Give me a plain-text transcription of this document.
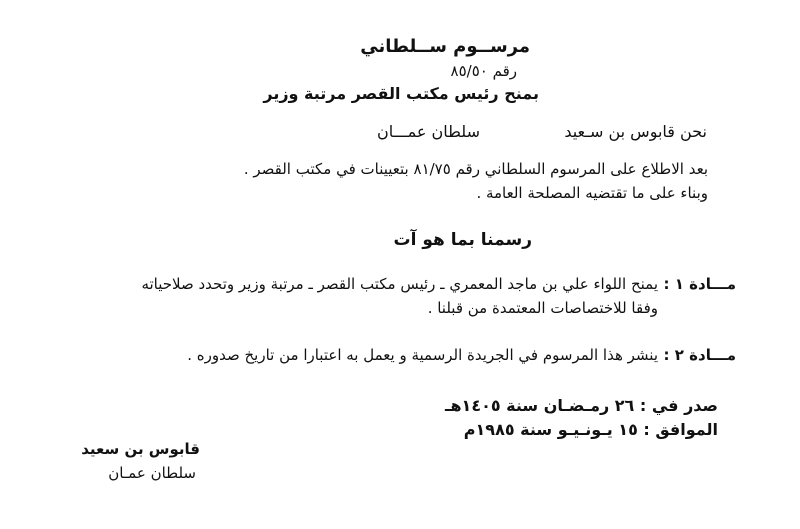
مرســوم ســلطاني
رقم ٨٥/٥٠
بمنح رئيس مكتب القصر مرتبة وزير
نحن قابوس بن سـعيد
سلطان عمـــان
بعد الاطلاع على المرسوم السلطاني رقم ٨١/٧٥ بتعيينات في مكتب القصر .
وبناء على ما تقتضيه المصلحة العامة .
رسمنا بما هو آت
مـــادة ١ :
يمنح اللواء علي بن ماجد المعمري ـ رئيس مكتب القصر ـ مرتبة وزير وتحدد صلاحياته
وفقا للاختصاصات المعتمدة من قبلنا .
مـــادة ٢ :
ينشر هذا المرسوم في الجريدة الرسمية و يعمل به اعتبارا من تاريخ صدوره .
صدر في : ٢٦ رمـضـان سنة ١٤٠٥هـ
الموافق : ١٥ يـونـيـو سنة ١٩٨٥م
قابوس بن سعيد
سلطان عمـان
